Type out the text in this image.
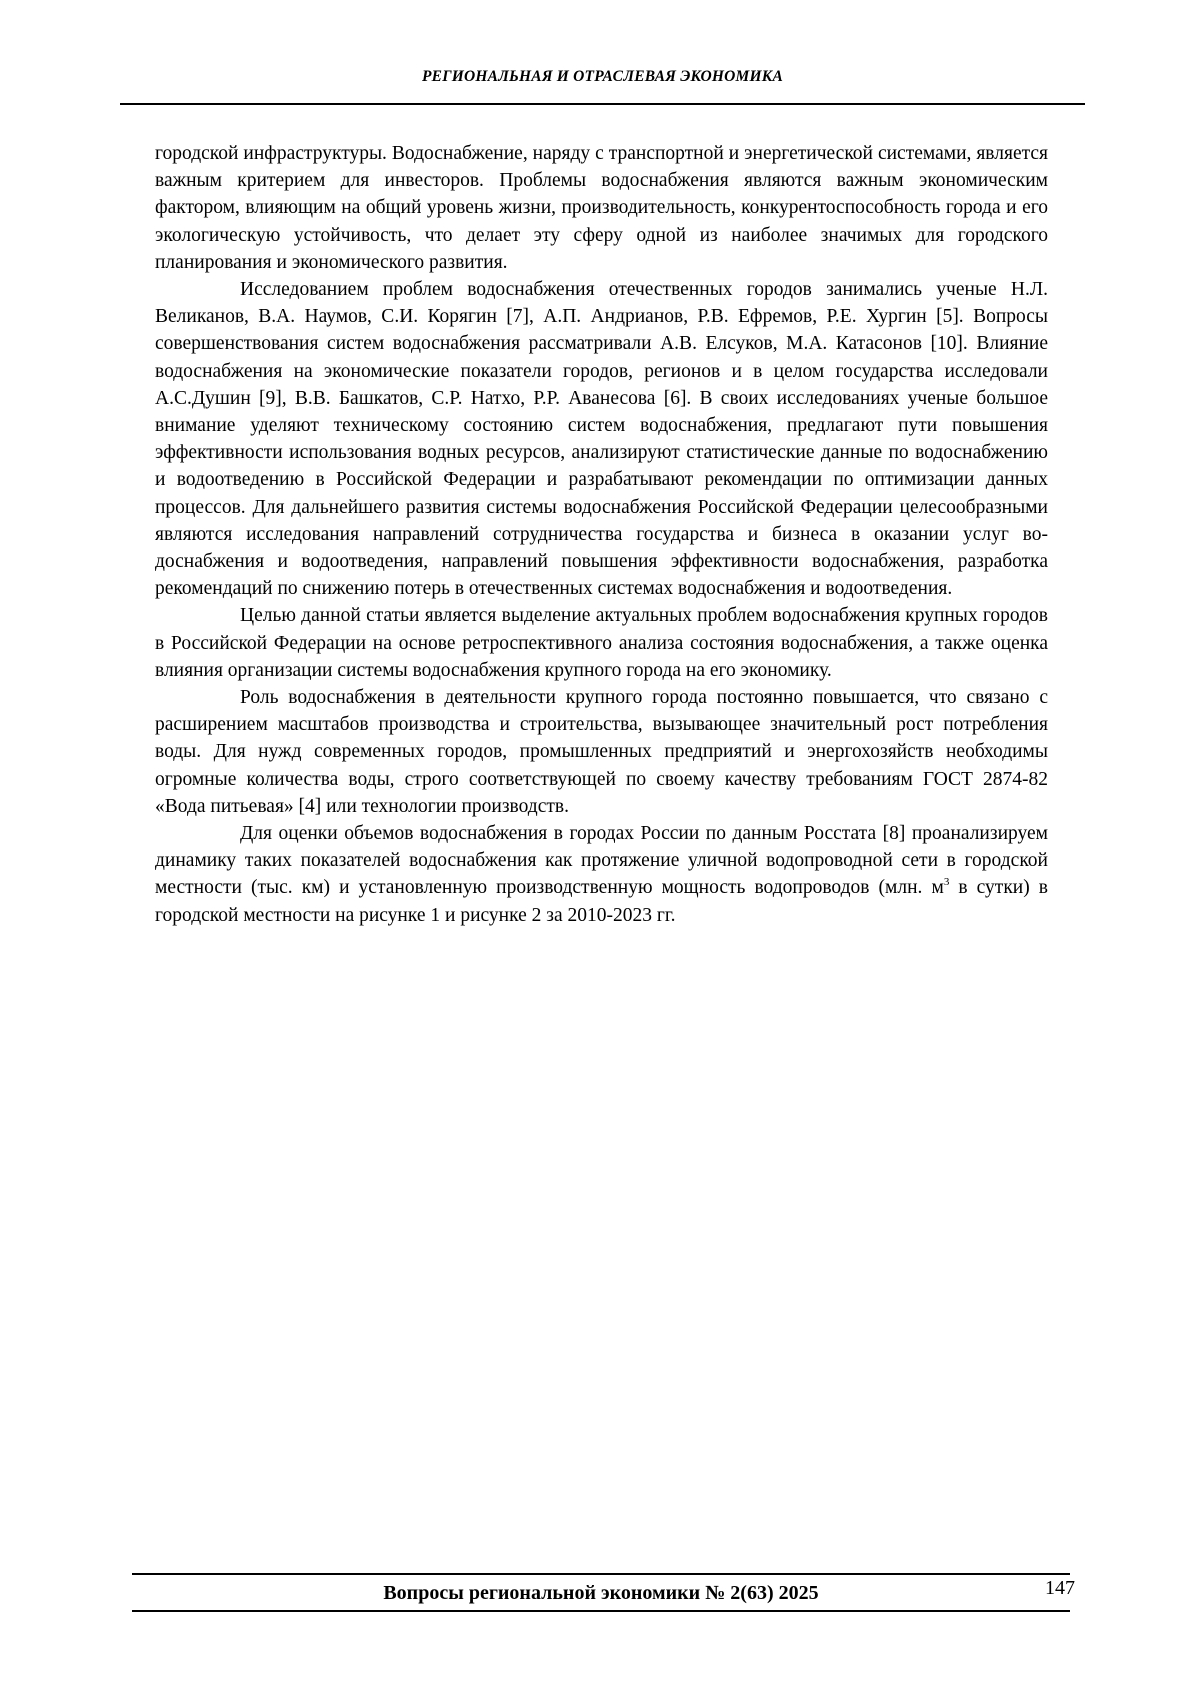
РЕГИОНАЛЬНАЯ И ОТРАСЛЕВАЯ ЭКОНОМИКА

городской инфраструктуры. Водоснабжение, наряду с транспортной и энергетической системами, является важным критерием для инвесторов. Проблемы водоснабжения являются важным экономическим фактором, влияющим на общий уровень жизни, производительность, конкурентоспособность города и его экологическую устойчивость, что делает эту сферу одной из наиболее значимых для городского планирования и экономического развития.

Исследованием проблем водоснабжения отечественных городов занимались ученые Н.Л. Великанов, В.А. Наумов, С.И. Корягин [7], А.П. Андрианов, Р.В. Ефремов, Р.Е. Хургин [5]. Вопросы совершенствования систем водоснабжения рассматривали А.В. Елсуков, М.А. Катасонов [10]. Влияние водоснабжения на экономические показатели городов, регионов и в целом государства исследовали А.С.Душин [9], В.В. Башкатов, С.Р. Натхо, Р.Р. Аванесова [6]. В своих исследованиях ученые большое внимание уделяют техническому состоянию систем водоснабжения, предлагают пути повышения эффективности использования водных ресурсов, анализируют статистические данные по водоснабжению и водоотведению в Российской Федерации и разрабатывают рекомендации по оптимизации данных процессов. Для дальнейшего развития системы водоснабжения Российской Федерации целесообразными являются исследования направлений сотрудничества государства и бизнеса в оказании услуг водоснабжения и водоотведения, направлений повышения эффективности водоснабжения, разработка рекомендаций по снижению потерь в отечественных системах водоснабжения и водоотведения.

Целью данной статьи является выделение актуальных проблем водоснабжения крупных городов в Российской Федерации на основе ретроспективного анализа состояния водоснабжения, а также оценка влияния организации системы водоснабжения крупного города на его экономику.

Роль водоснабжения в деятельности крупного города постоянно повышается, что связано с расширением масштабов производства и строительства, вызывающее значительный рост потребления воды. Для нужд современных городов, промышленных предприятий и энергохозяйств необходимы огромные количества воды, строго соответствующей по своему качеству требованиям ГОСТ 2874-82 «Вода питьевая» [4] или технологии производств.

Для оценки объемов водоснабжения в городах России по данным Росстата [8] проанализируем динамику таких показателей водоснабжения как протяжение уличной водопроводной сети в городской местности (тыс. км) и установленную производственную мощность водопроводов (млн. $м^3$ в сутки) в городской местности на рисунке 1 и рисунке 2 за 2010-2023 гг.

Вопросы региональной экономики № 2(63) 2025	147
